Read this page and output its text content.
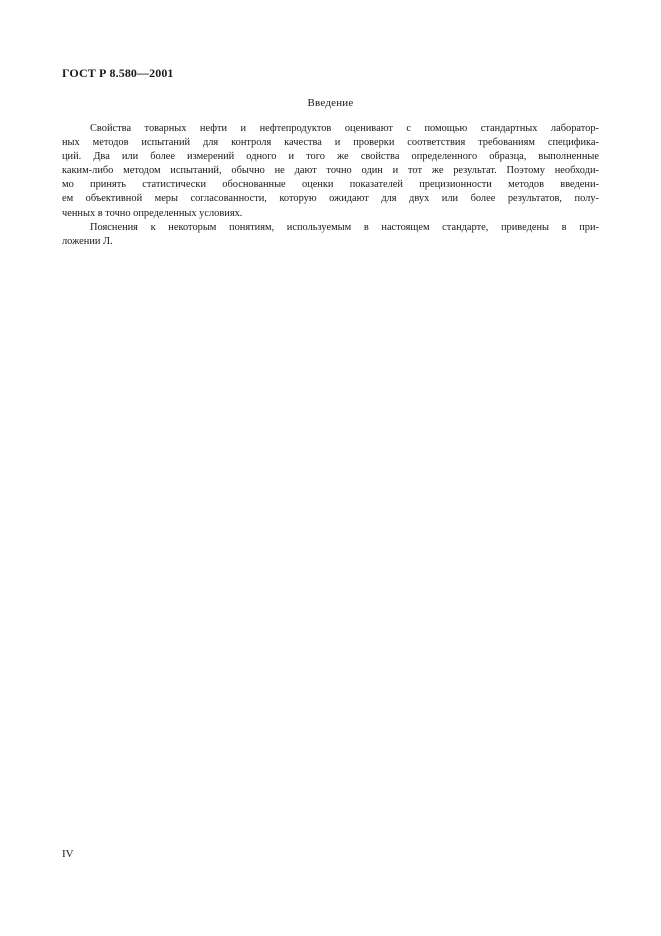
ГОСТ Р 8.580—2001
Введение
Свойства товарных нефти и нефтепродуктов оценивают с помощью стандартных лаборатор-
ных методов испытаний для контроля качества и проверки соответствия требованиям специфика-
ций. Два или более измерений одного и того же свойства определенного образца, выполненные
каким-либо методом испытаний, обычно не дают точно один и тот же результат. Поэтому необходи-
мо принять статистически обоснованные оценки показателей прецизионности методов введени-
ем объективной меры согласованности, которую ожидают для двух или более результатов, полу-
ченных в точно определенных условиях.
Пояснения к некоторым понятиям, используемым в настоящем стандарте, приведены в при-
ложении Л.
IV
